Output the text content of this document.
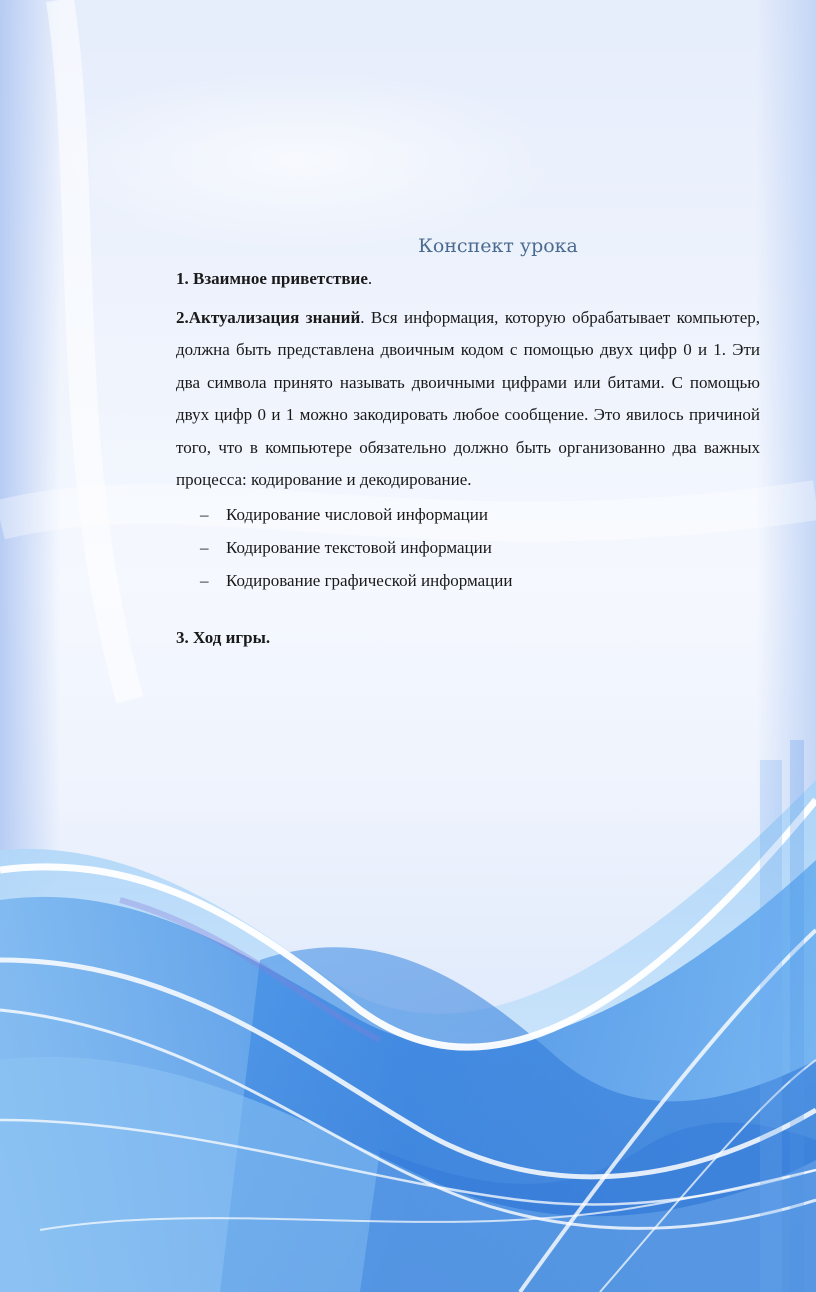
Конспект урока

1. Взаимное приветствие.

2.Актуализация знаний. Вся информация, которую обрабатывает компьютер, должна быть представлена двоичным кодом с помощью двух цифр 0 и 1. Эти два символа принято называть двоичными цифрами или битами. С помощью двух цифр 0 и 1 можно закодировать любое сообщение. Это явилось причиной того, что в компьютере обязательно должно быть организованно два важных процесса: кодирование и декодирование.

– Кодирование числовой информации
– Кодирование текстовой информации
– Кодирование графической информации

3. Ход игры.
